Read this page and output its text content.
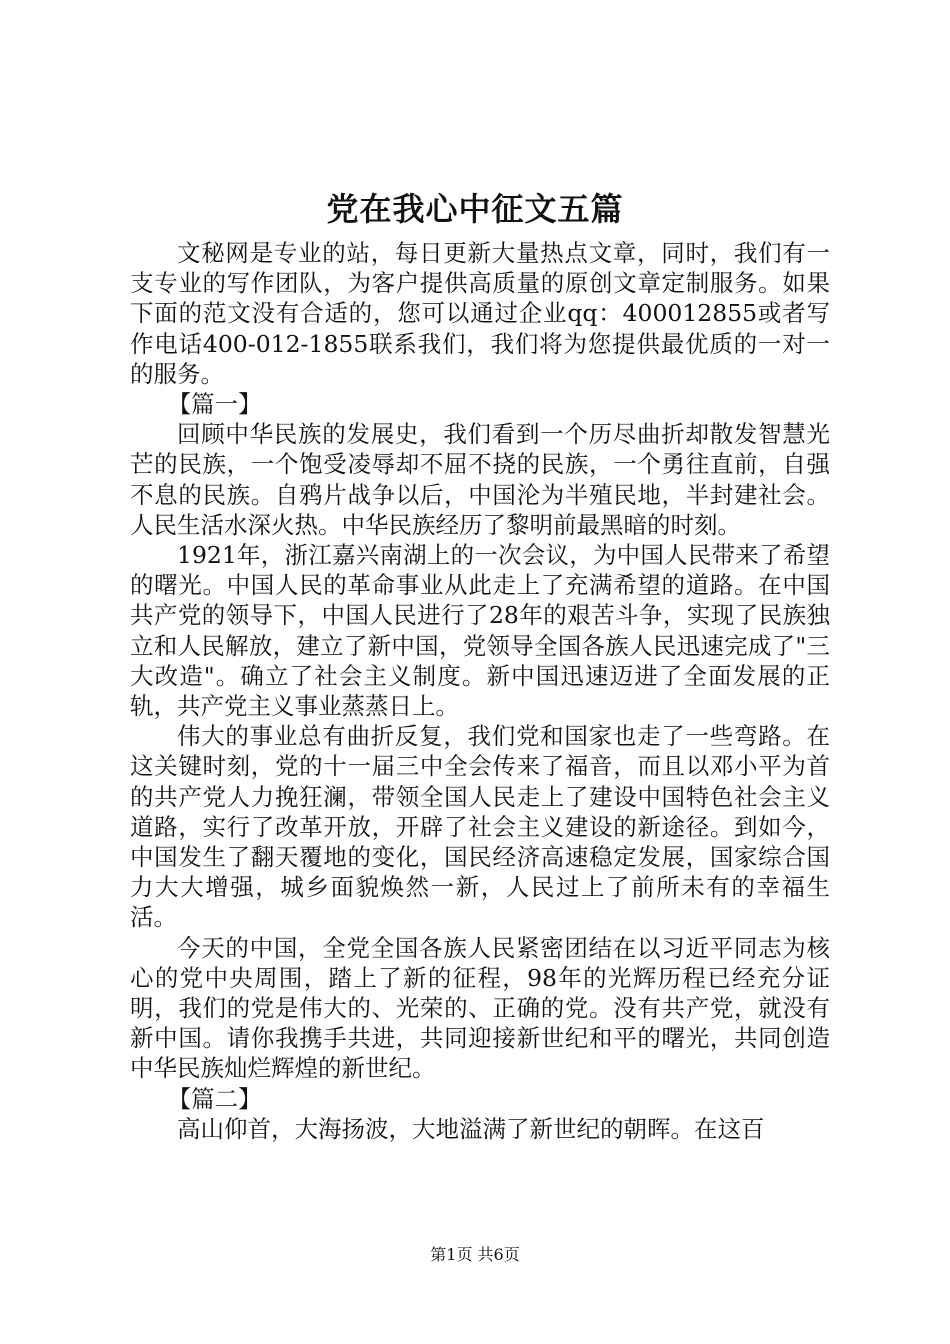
党在我心中征文五篇

文秘网是专业的站，每日更新大量热点文章，同时，我们有一支专业的写作团队，为客户提供高质量的原创文章定制服务。如果下面的范文没有合适的，您可以通过企业qq：400012855或者写作电话400-012-1855联系我们，我们将为您提供最优质的一对一的服务。

【篇一】

回顾中华民族的发展史，我们看到一个历尽曲折却散发智慧光芒的民族，一个饱受凌辱却不屈不挠的民族，一个勇往直前，自强不息的民族。自鸦片战争以后，中国沦为半殖民地，半封建社会。人民生活水深火热。中华民族经历了黎明前最黑暗的时刻。

1921年，浙江嘉兴南湖上的一次会议，为中国人民带来了希望的曙光。中国人民的革命事业从此走上了充满希望的道路。在中国共产党的领导下，中国人民进行了28年的艰苦斗争，实现了民族独立和人民解放，建立了新中国，党领导全国各族人民迅速完成了"三大改造"。确立了社会主义制度。新中国迅速迈进了全面发展的正轨，共产党主义事业蒸蒸日上。

伟大的事业总有曲折反复，我们党和国家也走了一些弯路。在这关键时刻，党的十一届三中全会传来了福音，而且以邓小平为首的共产党人力挽狂澜，带领全国人民走上了建设中国特色社会主义道路，实行了改革开放，开辟了社会主义建设的新途径。到如今，中国发生了翻天覆地的变化，国民经济高速稳定发展，国家综合国力大大增强，城乡面貌焕然一新，人民过上了前所未有的幸福生活。

今天的中国，全党全国各族人民紧密团结在以习近平同志为核心的党中央周围，踏上了新的征程，98年的光辉历程已经充分证明，我们的党是伟大的、光荣的、正确的党。没有共产党，就没有新中国。请你我携手共进，共同迎接新世纪和平的曙光，共同创造中华民族灿烂辉煌的新世纪。

【篇二】

高山仰首，大海扬波，大地溢满了新世纪的朝晖。在这百

第1页 共6页
